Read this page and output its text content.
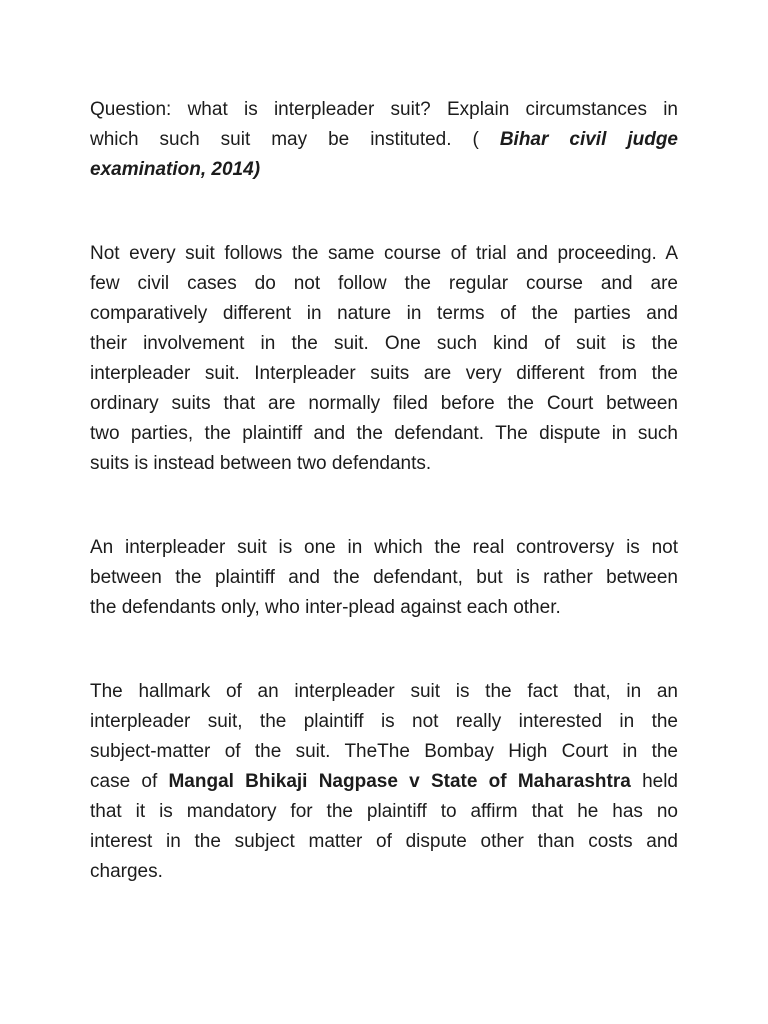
Question: what is interpleader suit? Explain circumstances in
which such suit may be instituted. ( Bihar civil judge
examination, 2014)
Not every suit follows the same course of trial and proceeding. A
few civil cases do not follow the regular course and are
comparatively different in nature in terms of the parties and
their involvement in the suit. One such kind of suit is the
interpleader suit. Interpleader suits are very different from the
ordinary suits that are normally filed before the Court between
two parties, the plaintiff and the defendant. The dispute in such
suits is instead between two defendants.
An interpleader suit is one in which the real controversy is not
between the plaintiff and the defendant, but is rather between
the defendants only, who inter-plead against each other.
The hallmark of an interpleader suit is the fact that, in an
interpleader suit, the plaintiff is not really interested in the
subject-matter of the suit. TheThe Bombay High Court in the
case of Mangal Bhikaji Nagpase v State of Maharashtra held
that it is mandatory for the plaintiff to affirm that he has no
interest in the subject matter of dispute other than costs and
charges.
